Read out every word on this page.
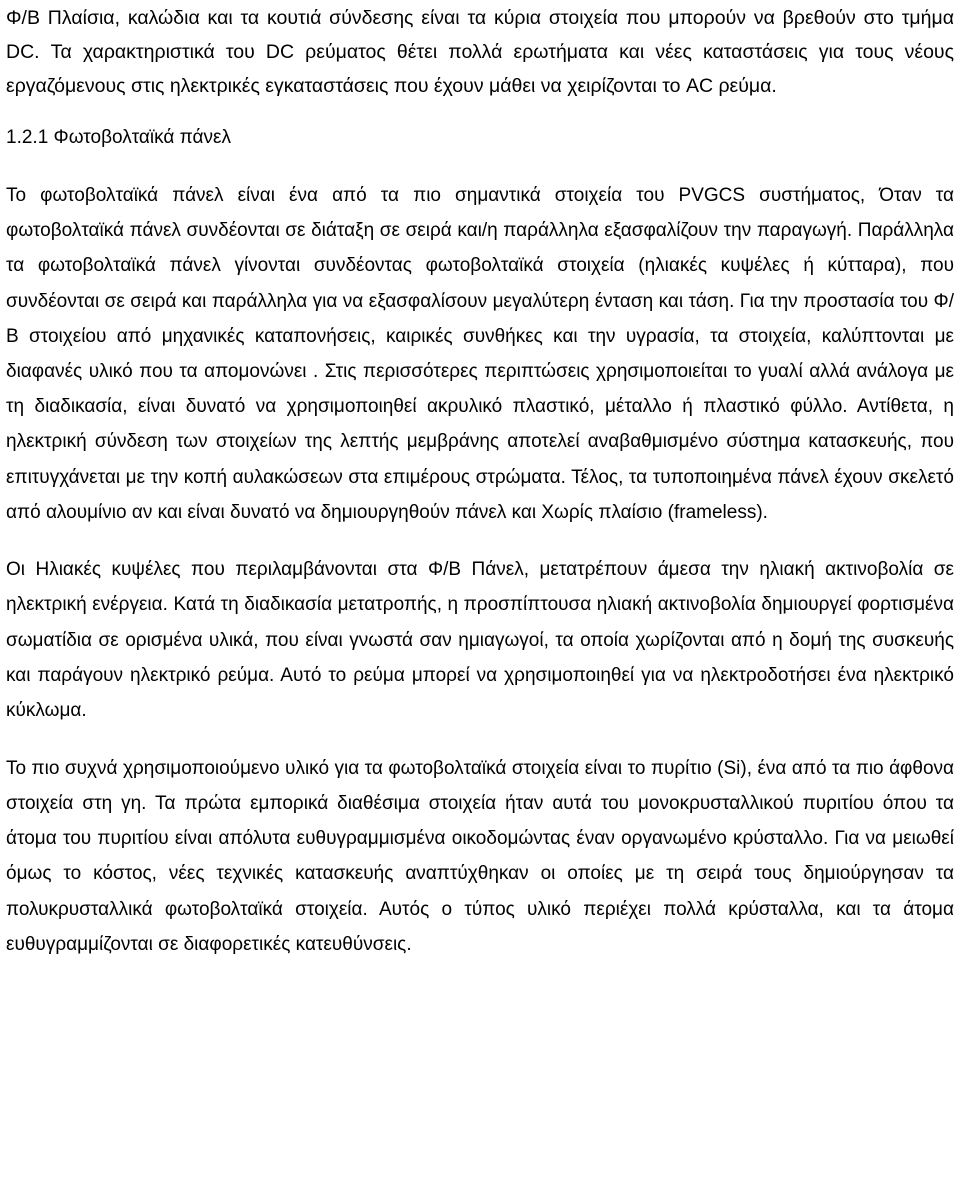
Φ/Β Πλαίσια, καλώδια και τα κουτιά σύνδεσης είναι τα κύρια στοιχεία που μπορούν να βρεθούν στο τμήμα DC. Τα χαρακτηριστικά του DC ρεύματος θέτει πολλά ερωτήματα και νέες καταστάσεις για τους νέους εργαζόμενους στις ηλεκτρικές εγκαταστάσεις που έχουν μάθει να χειρίζονται το AC ρεύμα.

1.2.1 Φωτοβολταϊκά πάνελ

Το φωτοβολταϊκά πάνελ είναι ένα από τα πιο σημαντικά στοιχεία του PVGCS συστήματος, Όταν τα φωτοβολταϊκά πάνελ συνδέονται σε διάταξη σε σειρά και/η παράλληλα εξασφαλίζουν την παραγωγή. Παράλληλα τα φωτοβολταϊκά πάνελ γίνονται συνδέοντας φωτοβολταϊκά στοιχεία (ηλιακές κυψέλες ή κύτταρα), που συνδέονται σε σειρά και παράλληλα για να εξασφαλίσουν μεγαλύτερη ένταση και τάση. Για την προστασία του Φ/Β στοιχείου από μηχανικές καταπονήσεις, καιρικές συνθήκες και την υγρασία, τα στοιχεία, καλύπτονται με διαφανές υλικό που τα απομονώνει . Στις περισσότερες περιπτώσεις χρησιμοποιείται το γυαλί αλλά ανάλογα με τη διαδικασία, είναι δυνατό να χρησιμοποιηθεί ακρυλικό πλαστικό, μέταλλο ή πλαστικό φύλλο. Αντίθετα, η ηλεκτρική σύνδεση των στοιχείων της λεπτής μεμβράνης αποτελεί αναβαθμισμένο σύστημα κατασκευής, που επιτυγχάνεται με την κοπή αυλακώσεων στα επιμέρους στρώματα. Τέλος, τα τυποποιημένα πάνελ έχουν σκελετό από αλουμίνιο αν και είναι δυνατό να δημιουργηθούν πάνελ και Χωρίς πλαίσιο (frameless).

Οι Ηλιακές κυψέλες που περιλαμβάνονται στα Φ/Β Πάνελ, μετατρέπουν άμεσα την ηλιακή ακτινοβολία σε ηλεκτρική ενέργεια. Κατά τη διαδικασία μετατροπής, η προσπίπτουσα ηλιακή ακτινοβολία δημιουργεί φορτισμένα σωματίδια σε ορισμένα υλικά, που είναι γνωστά σαν ημιαγωγοί, τα οποία χωρίζονται από η δομή της συσκευής και παράγουν ηλεκτρικό ρεύμα. Αυτό το ρεύμα μπορεί να χρησιμοποιηθεί για να ηλεκτροδοτήσει ένα ηλεκτρικό κύκλωμα.

Το πιο συχνά χρησιμοποιούμενο υλικό για τα φωτοβολταϊκά στοιχεία είναι το πυρίτιο (Si), ένα από τα πιο άφθονα στοιχεία στη γη. Τα πρώτα εμπορικά διαθέσιμα στοιχεία ήταν αυτά του μονοκρυσταλλικού πυριτίου όπου τα άτομα του πυριτίου είναι απόλυτα ευθυγραμμισμένα οικοδομώντας έναν οργανωμένο κρύσταλλο. Για να μειωθεί όμως το κόστος, νέες τεχνικές κατασκευής αναπτύχθηκαν οι οποίες με τη σειρά τους δημιούργησαν τα πολυκρυσταλλικά φωτοβολταϊκά στοιχεία. Αυτός ο τύπος υλικό περιέχει πολλά κρύσταλλα, και τα άτομα ευθυγραμμίζονται σε διαφορετικές κατευθύνσεις.
